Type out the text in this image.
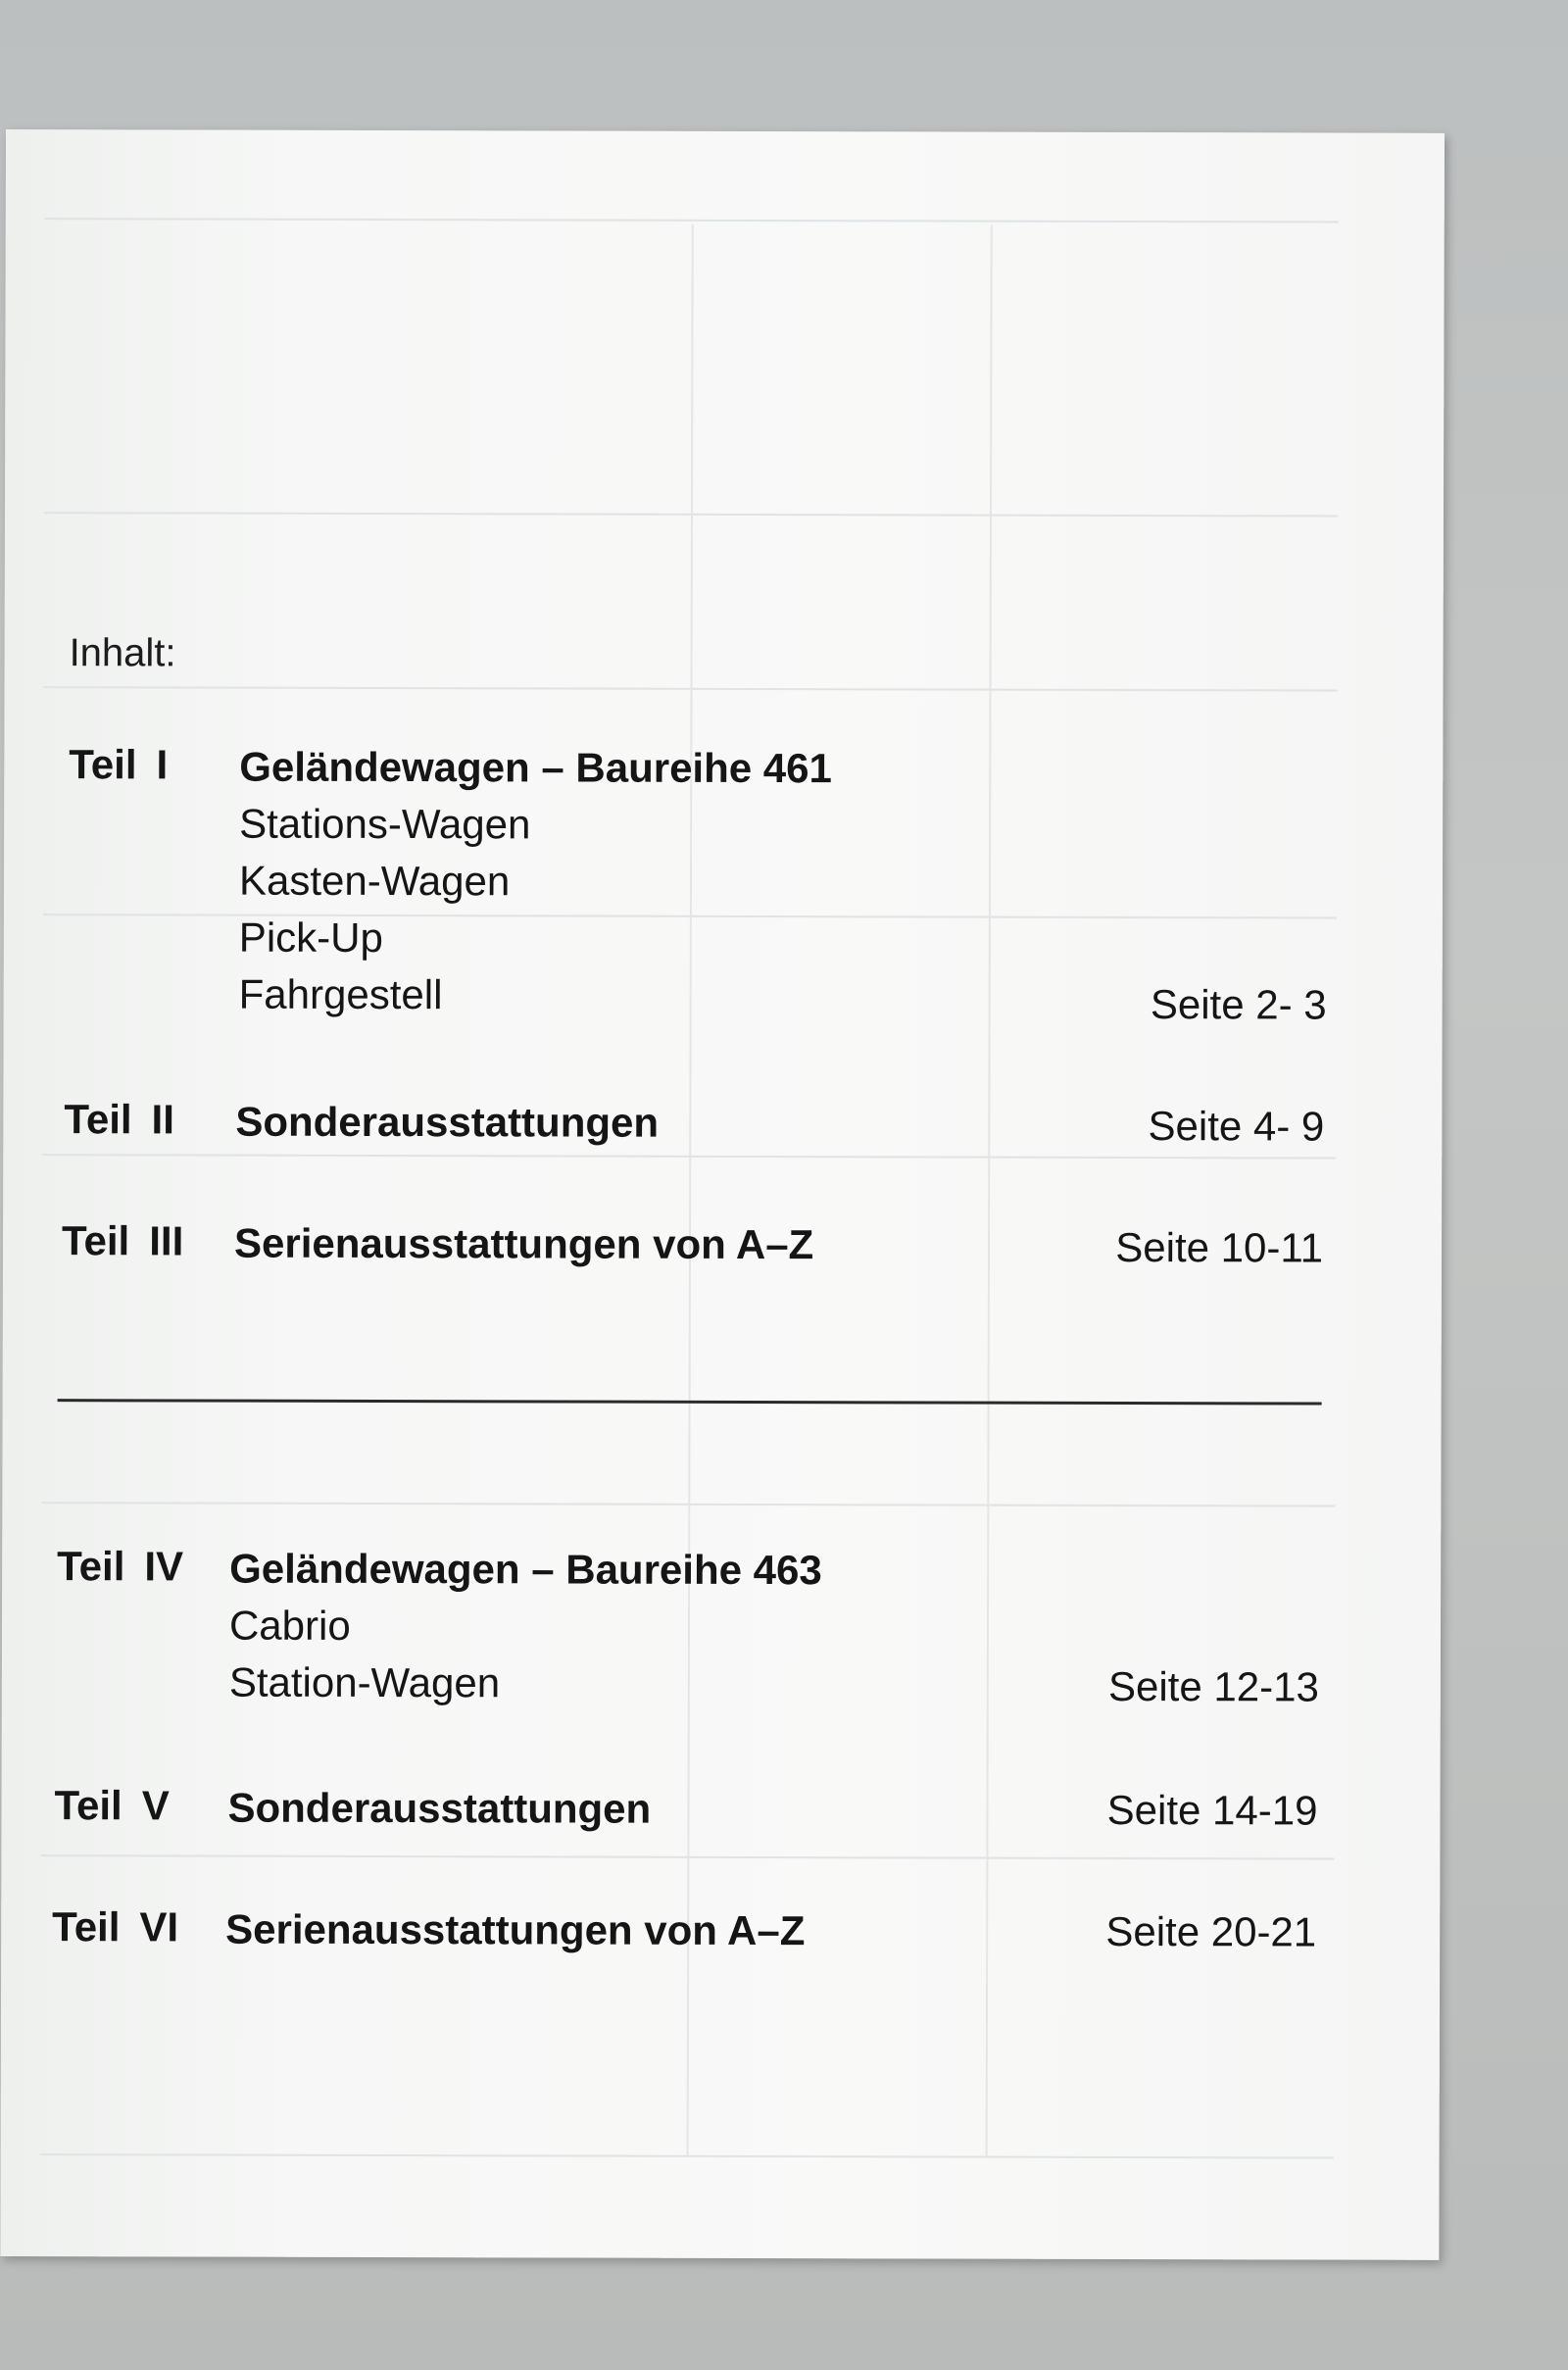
Inhalt:
Teil I Geländewagen – Baureihe 461
Stations-Wagen
Kasten-Wagen
Pick-Up
Fahrgestell	Seite 2- 3
Teil II Sonderausstattungen	Seite 4- 9
Teil III Serienausstattungen von A–Z	Seite 10-11
Teil IV Geländewagen – Baureihe 463
Cabrio
Station-Wagen	Seite 12-13
Teil V Sonderausstattungen	Seite 14-19
Teil VI Serienausstattungen von A–Z	Seite 20-21
